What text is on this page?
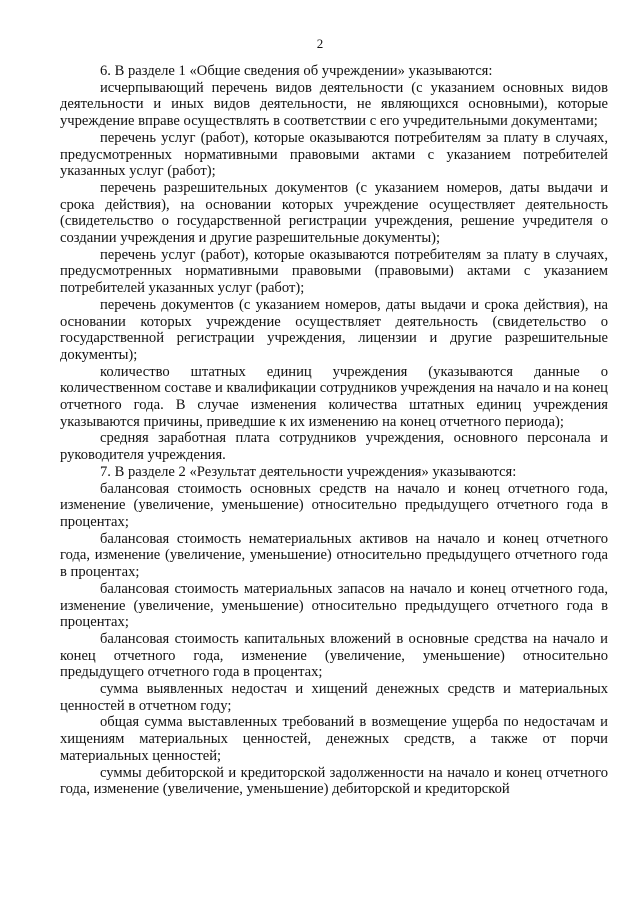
2

6. В разделе 1 «Общие сведения об учреждении» указываются:

исчерпывающий перечень видов деятельности (с указанием основных видов деятельности и иных видов деятельности, не являющихся основными), которые учреждение вправе осуществлять в соответствии с его учредительными документами;

перечень услуг (работ), которые оказываются потребителям за плату в случаях, предусмотренных нормативными правовыми актами с указанием потребителей указанных услуг (работ);

перечень разрешительных документов (с указанием номеров, даты выдачи и срока действия), на основании которых учреждение осуществляет деятельность (свидетельство о государственной регистрации учреждения, решение учредителя о создании учреждения и другие разрешительные документы);

перечень услуг (работ), которые оказываются потребителям за плату в случаях, предусмотренных нормативными правовыми (правовыми) актами с указанием потребителей указанных услуг (работ);

перечень документов (с указанием номеров, даты выдачи и срока действия), на основании которых учреждение осуществляет деятельность (свидетельство о государственной регистрации учреждения, лицензии и другие разрешительные документы);

количество штатных единиц учреждения (указываются данные о количественном составе и квалификации сотрудников учреждения на начало и на конец отчетного года. В случае изменения количества штатных единиц учреждения указываются причины, приведшие к их изменению на конец отчетного периода);

средняя заработная плата сотрудников учреждения, основного персонала и руководителя учреждения.

7. В разделе 2 «Результат деятельности учреждения» указываются:

балансовая стоимость основных средств на начало и конец отчетного года, изменение (увеличение, уменьшение) относительно предыдущего отчетного года в процентах;

балансовая стоимость нематериальных активов на начало и конец отчетного года, изменение (увеличение, уменьшение) относительно предыдущего отчетного года в процентах;

балансовая стоимость материальных запасов на начало и конец отчетного года, изменение (увеличение, уменьшение) относительно предыдущего отчетного года в процентах;

балансовая стоимость капитальных вложений в основные средства на начало и конец отчетного года, изменение (увеличение, уменьшение) относительно предыдущего отчетного года в процентах;

сумма выявленных недостач и хищений денежных средств и материальных ценностей в отчетном году;

общая сумма выставленных требований в возмещение ущерба по недостачам и хищениям материальных ценностей, денежных средств, а также от порчи материальных ценностей;

суммы дебиторской и кредиторской задолженности на начало и конец отчетного года, изменение (увеличение, уменьшение) дебиторской и кредиторской
